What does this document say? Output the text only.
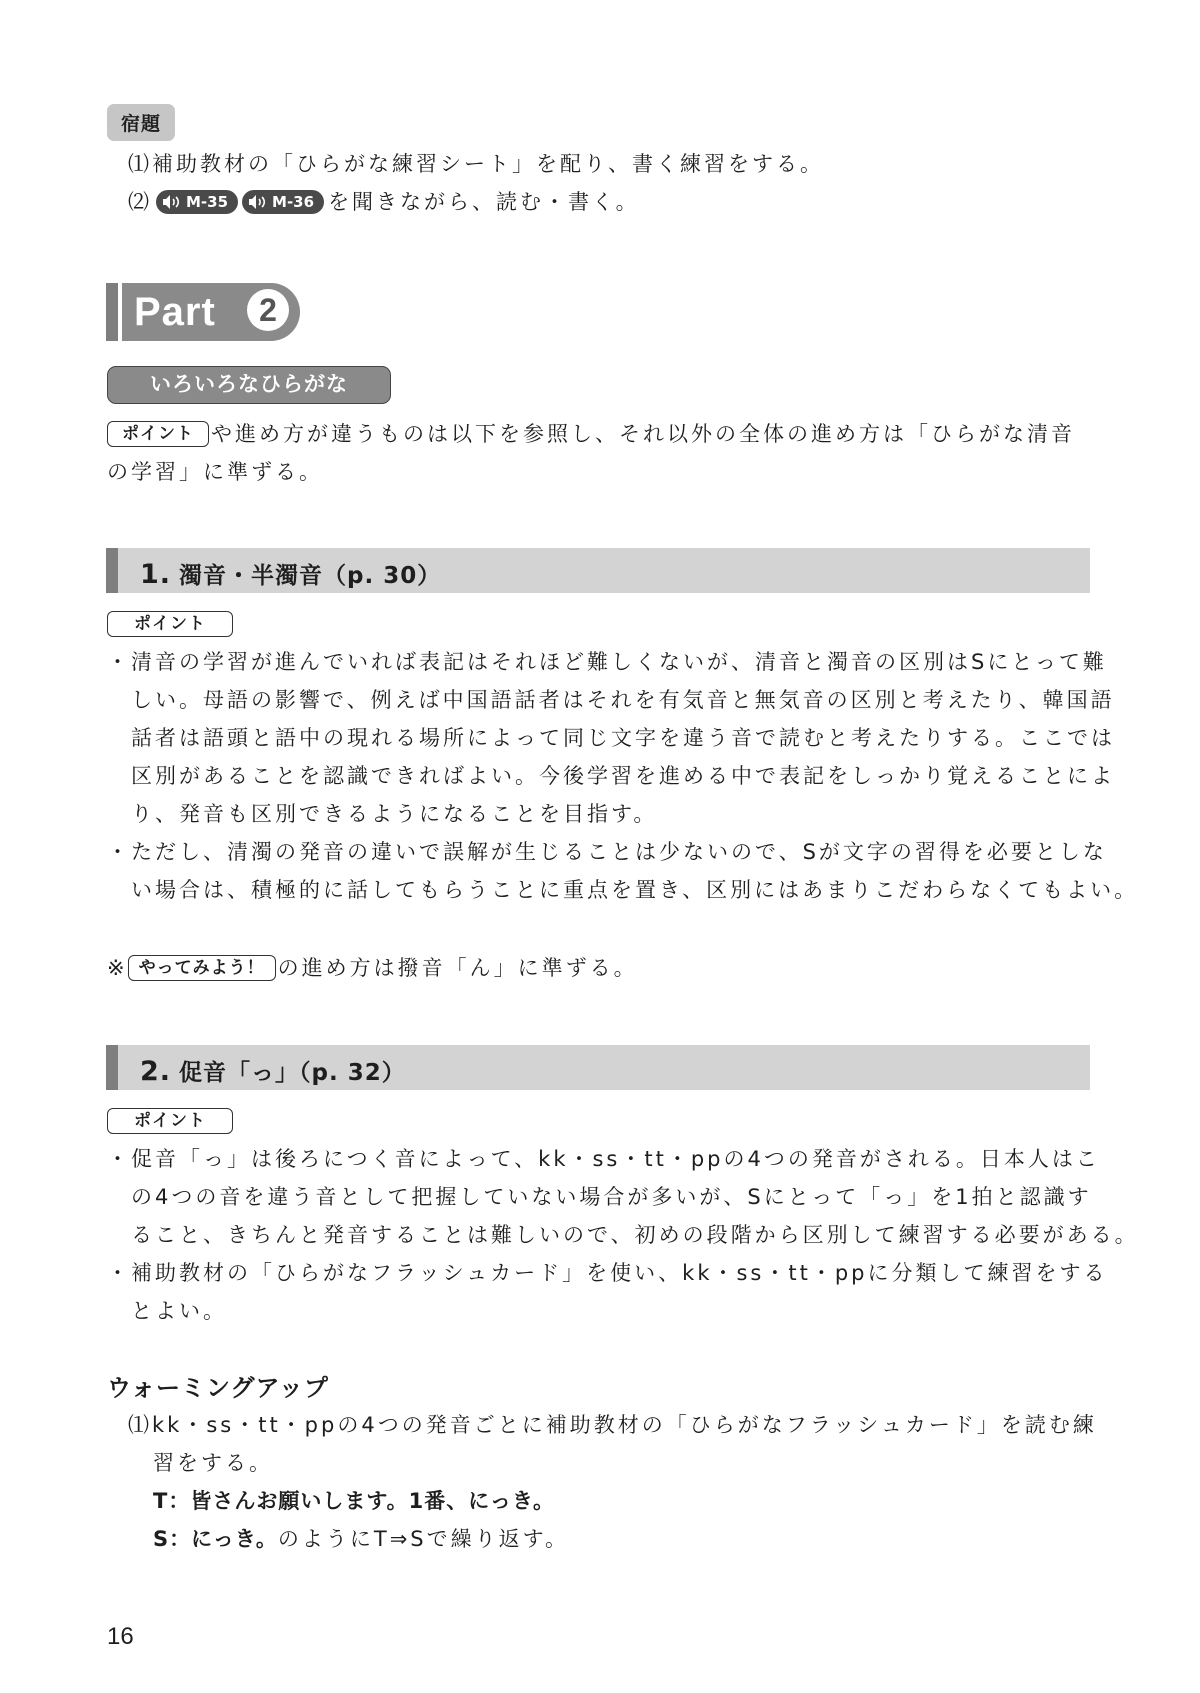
宿題
⑴補助教材の「ひらがな練習シート」を配り、書く練習をする。
⑵ M-35	M-36 を聞きながら、読む・書く。
Part	2
いろいろなひらがな
ポイント や進め方が違うものは以下を参照し、それ以外の全体の進め方は「ひらがな清音
の学習」に準ずる。
1. 濁音・半濁音（p. 30）
ポイント
・清音の学習が進んでいれば表記はそれほど難しくないが、清音と濁音の区別はSにとって難
しい。母語の影響で、例えば中国語話者はそれを有気音と無気音の区別と考えたり、韓国語
話者は語頭と語中の現れる場所によって同じ文字を違う音で読むと考えたりする。ここでは
区別があることを認識できればよい。今後学習を進める中で表記をしっかり覚えることによ
り、発音も区別できるようになることを目指す。
・ただし、清濁の発音の違いで誤解が生じることは少ないので、Sが文字の習得を必要としな
い場合は、積極的に話してもらうことに重点を置き、区別にはあまりこだわらなくてもよい。
※ やってみよう！ の進め方は撥音「ん」に準ずる。
2. 促音「っ」（p. 32）
ポイント
・促音「っ」は後ろにつく音によって、kk・ss・tt・ppの4つの発音がされる。日本人はこ
の4つの音を違う音として把握していない場合が多いが、Sにとって「っ」を1拍と認識す
ること、きちんと発音することは難しいので、初めの段階から区別して練習する必要がある。
・補助教材の「ひらがなフラッシュカード」を使い、kk・ss・tt・ppに分類して練習をする
とよい。
ウォーミングアップ
⑴kk・ss・tt・ppの4つの発音ごとに補助教材の「ひらがなフラッシュカード」を読む練
習をする。
T：皆さんお願いします。1番、にっき。
S：にっき。のようにT⇒Sで繰り返す。
16
